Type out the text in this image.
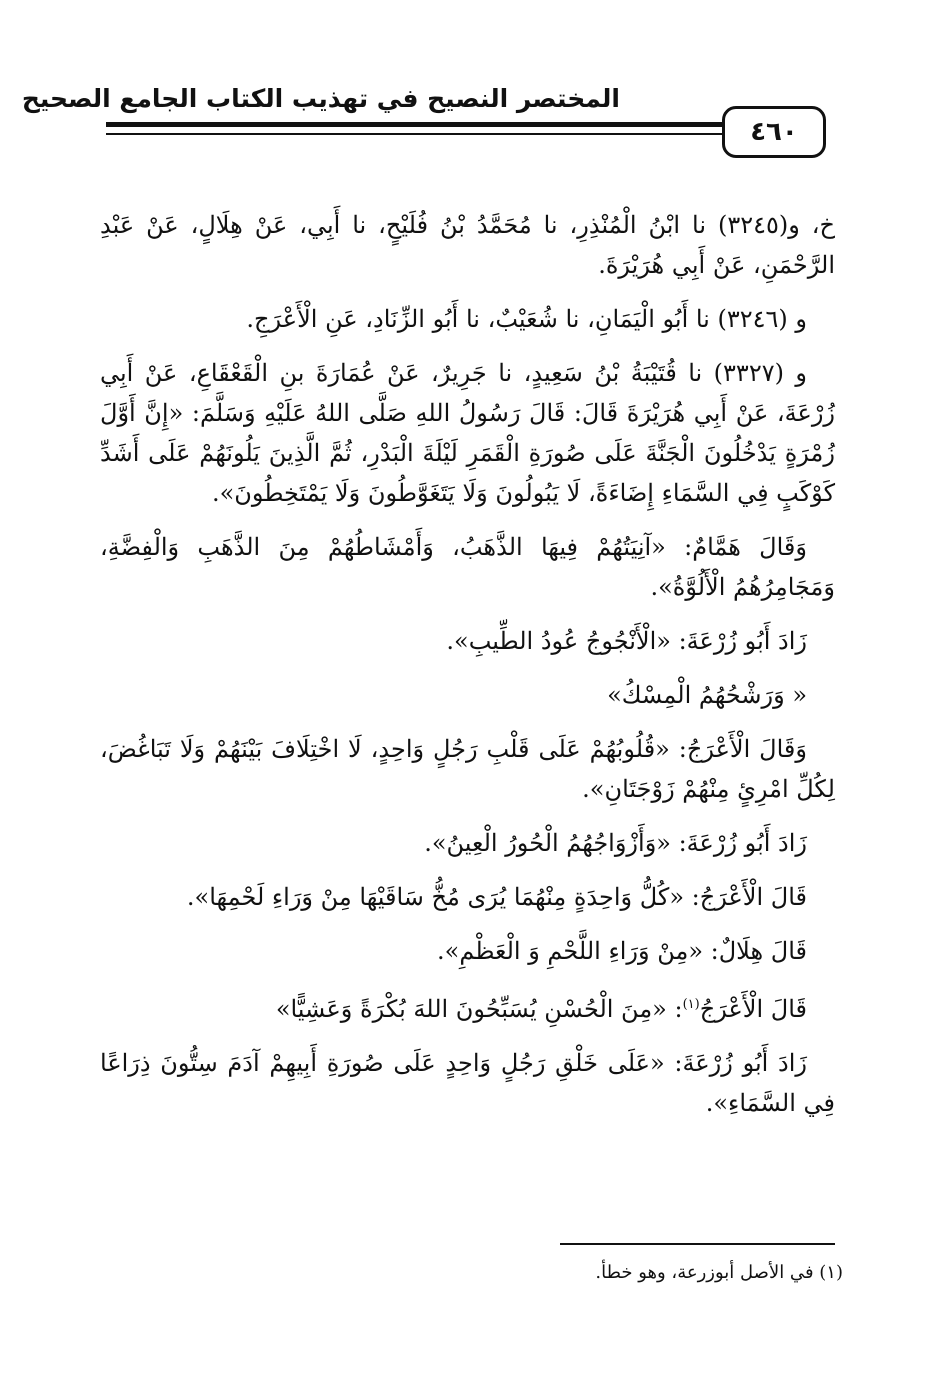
المختصر النصيح في تهذيب الكتاب الجامع الصحيح
٤٦٠

خ، و(٣٢٤٥) نا ابْنُ الْمُنْذِرِ، نا مُحَمَّدُ بْنُ فُلَيْحٍ، نا أَبِي، عَنْ هِلَالٍ، عَنْ عَبْدِ الرَّحْمَنِ، عَنْ أَبِي هُرَيْرَةَ.

و (٣٢٤٦) نا أَبُو الْيَمَانِ، نا شُعَيْبٌ، نا أَبُو الزِّنَادِ، عَنِ الْأَعْرَجِ.

و (٣٣٢٧) نا قُتَيْبَةُ بْنُ سَعِيدٍ، نا جَرِيرٌ، عَنْ عُمَارَةَ بنِ الْقَعْقَاعِ، عَنْ أَبِي زُرْعَةَ، عَنْ أَبِي هُرَيْرَةَ قَالَ: قَالَ رَسُولُ اللهِ صَلَّى اللهُ عَلَيْهِ وَسَلَّمَ: «إِنَّ أَوَّلَ زُمْرَةٍ يَدْخُلُونَ الْجَنَّةَ عَلَى صُورَةِ الْقَمَرِ لَيْلَةَ الْبَدْرِ، ثُمَّ الَّذِينَ يَلُونَهُمْ عَلَى أَشَدِّ كَوْكَبٍ فِي السَّمَاءِ إِضَاءَةً، لَا يَبُولُونَ وَلَا يَتَغَوَّطُونَ وَلَا يَمْتَخِطُونَ».

وَقَالَ هَمَّامٌ: «آنِيَتُهُمْ فِيهَا الذَّهَبُ، وَأَمْشَاطُهُمْ مِنَ الذَّهَبِ وَالْفِضَّةِ، وَمَجَامِرُهُمُ الْأَلُوَّةُ».

زَادَ أَبُو زُرْعَةَ: «الْأَنْجُوجُ عُودُ الطِّيبِ».

« وَرَشْحُهُمُ الْمِسْكُ»

وَقَالَ الْأَعْرَجُ: «قُلُوبُهُمْ عَلَى قَلْبِ رَجُلٍ وَاحِدٍ، لَا اخْتِلَافَ بَيْنَهُمْ وَلَا تَبَاغُضَ، لِكُلِّ امْرِئٍ مِنْهُمْ زَوْجَتَانِ».

زَادَ أَبُو زُرْعَةَ: «وَأَزْوَاجُهُمُ الْحُورُ الْعِينُ».

قَالَ الْأَعْرَجُ: «كُلُّ وَاحِدَةٍ مِنْهُمَا يُرَى مُخُّ سَاقَيْهَا مِنْ وَرَاءِ لَحْمِهَا».

قَالَ هِلَالٌ: «مِنْ وَرَاءِ اللَّحْمِ وَ الْعَظْمِ».

قَالَ الْأَعْرَجُ$^{(١)}$: «مِنَ الْحُسْنِ يُسَبِّحُونَ اللهَ بُكْرَةً وَعَشِيًّا»

زَادَ أَبُو زُرْعَةَ: «عَلَى خَلْقِ رَجُلٍ وَاحِدٍ عَلَى صُورَةِ أَبِيهِمْ آدَمَ سِتُّونَ ذِرَاعًا فِي السَّمَاءِ».

(١) في الأصل أبوزرعة، وهو خطأ.
